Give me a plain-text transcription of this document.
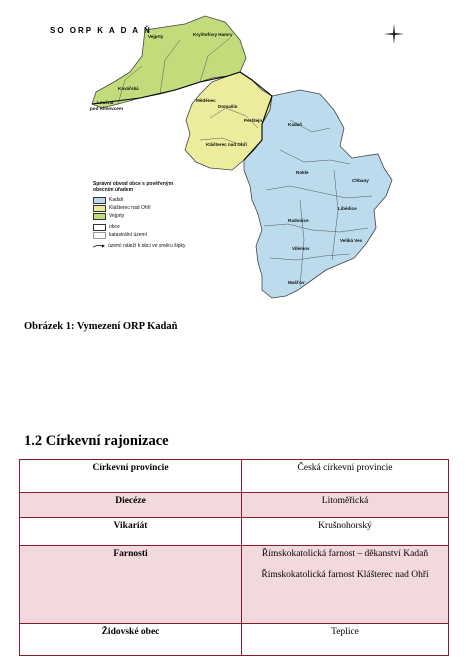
Vejprty	Kryštofovy Hamry
Kovářská
Loučná
pod Klínovcem
Měděnec
Domašín
Perštejn
Klášterec nad Ohří
Kadaň
Rokle
Chbany
Libědice
Radonice
Vilémov
Veliká Ves
Mašťov
SO ORP K A D A Ň
Správní obvod obce s pověřeným obecním úřadem
Kadaň
Klášterec nad Ohří
Vejprty
obce
katastrální území
území náleží k obci ve směru šipky
Obrázek 1: Vymezení ORP Kadaň
1.2 Církevní rajonizace
Církevní provincie	Česká církevní provincie
Diecéze	Litoměřická
Vikariát	Krušnohorský
Farnosti	Římskokatolická farnost – děkanství Kadaň
Římskokatolická farnost Klášterec nad Ohří

Židovské obec	Teplice
